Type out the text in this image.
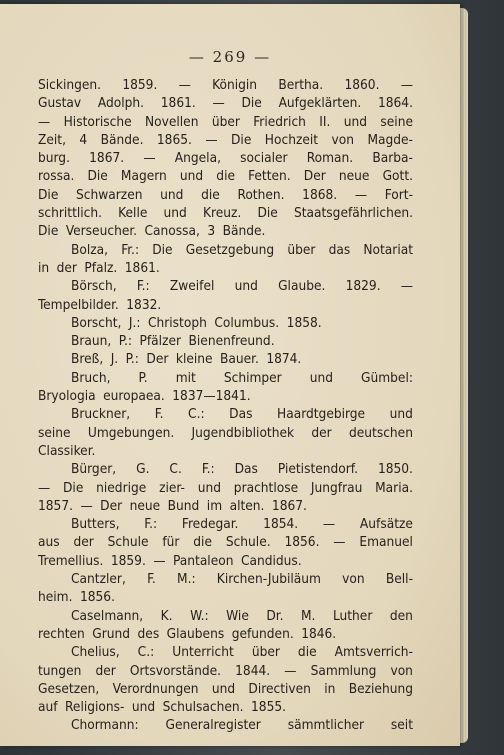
— 269 —
Sickingen. 1859. — Königin Bertha. 1860. —
Gustav Adolph. 1861. — Die Aufgeklärten. 1864.
— Historische Novellen über Friedrich II. und seine
Zeit, 4 Bände. 1865. — Die Hochzeit von Magde-
burg. 1867. — Angela, socialer Roman. Barba-
rossa. Die Magern und die Fetten. Der neue Gott.
Die Schwarzen und die Rothen. 1868. — Fort-
schrittlich. Kelle und Kreuz. Die Staatsgefährlichen.
Die Verseucher. Canossa, 3 Bände.
Bolza, Fr.: Die Gesetzgebung über das Notariat
in der Pfalz. 1861.
Börsch, F.: Zweifel und Glaube. 1829. —
Tempelbilder. 1832.
Borscht, J.: Christoph Columbus. 1858.
Braun, P.: Pfälzer Bienenfreund.
Breß, J. P.: Der kleine Bauer. 1874.
Bruch, P. mit Schimper und Gümbel:
Bryologia europaea. 1837—1841.
Bruckner, F. C.: Das Haardtgebirge und
seine Umgebungen. Jugendbibliothek der deutschen
Classiker.
Bürger, G. C. F.: Das Pietistendorf. 1850.
— Die niedrige zier- und prachtlose Jungfrau Maria.
1857. — Der neue Bund im alten. 1867.
Butters, F.: Fredegar. 1854. — Aufsätze
aus der Schule für die Schule. 1856. — Emanuel
Tremellius. 1859. — Pantaleon Candidus.
Cantzler, F. M.: Kirchen-Jubiläum von Bell-
heim. 1856.
Caselmann, K. W.: Wie Dr. M. Luther den
rechten Grund des Glaubens gefunden. 1846.
Chelius, C.: Unterricht über die Amtsverrich-
tungen der Ortsvorstände. 1844. — Sammlung von
Gesetzen, Verordnungen und Directiven in Beziehung
auf Religions- und Schulsachen. 1855.
Chormann: Generalregister sämmtlicher seit
